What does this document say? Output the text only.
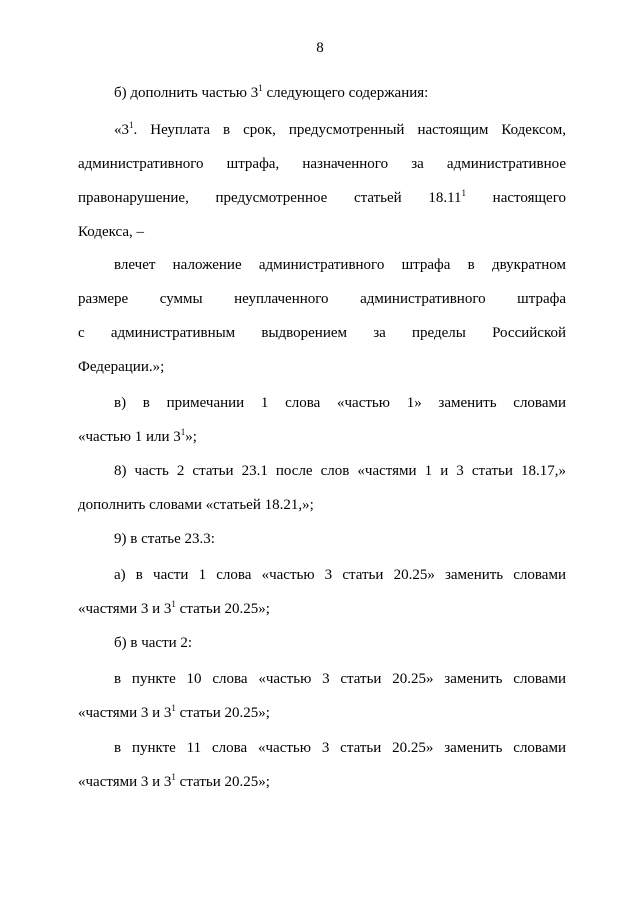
8
б) дополнить частью $3^1$ следующего содержания:
«$3^1$. Неуплата в срок, предусмотренный настоящим Кодексом,
административного штрафа, назначенного за административное
правонарушение, предусмотренное статьей 18.11$^1$ настоящего
Кодекса, –
влечет наложение административного штрафа в двукратном
размере суммы неуплаченного административного штрафа
с административным выдворением за пределы Российской
Федерации.»;
в) в примечании 1 слова «частью 1» заменить словами
«частью 1 или $3^1$»;
8) часть 2 статьи 23.1 после слов «частями 1 и 3 статьи 18.17,»
дополнить словами «статьей 18.21,»;
9) в статье 23.3:
а) в части 1 слова «частью 3 статьи 20.25» заменить словами
«частями 3 и $3^1$ статьи 20.25»;
б) в части 2:
в пункте 10 слова «частью 3 статьи 20.25» заменить словами
«частями 3 и $3^1$ статьи 20.25»;
в пункте 11 слова «частью 3 статьи 20.25» заменить словами
«частями 3 и $3^1$ статьи 20.25»;
